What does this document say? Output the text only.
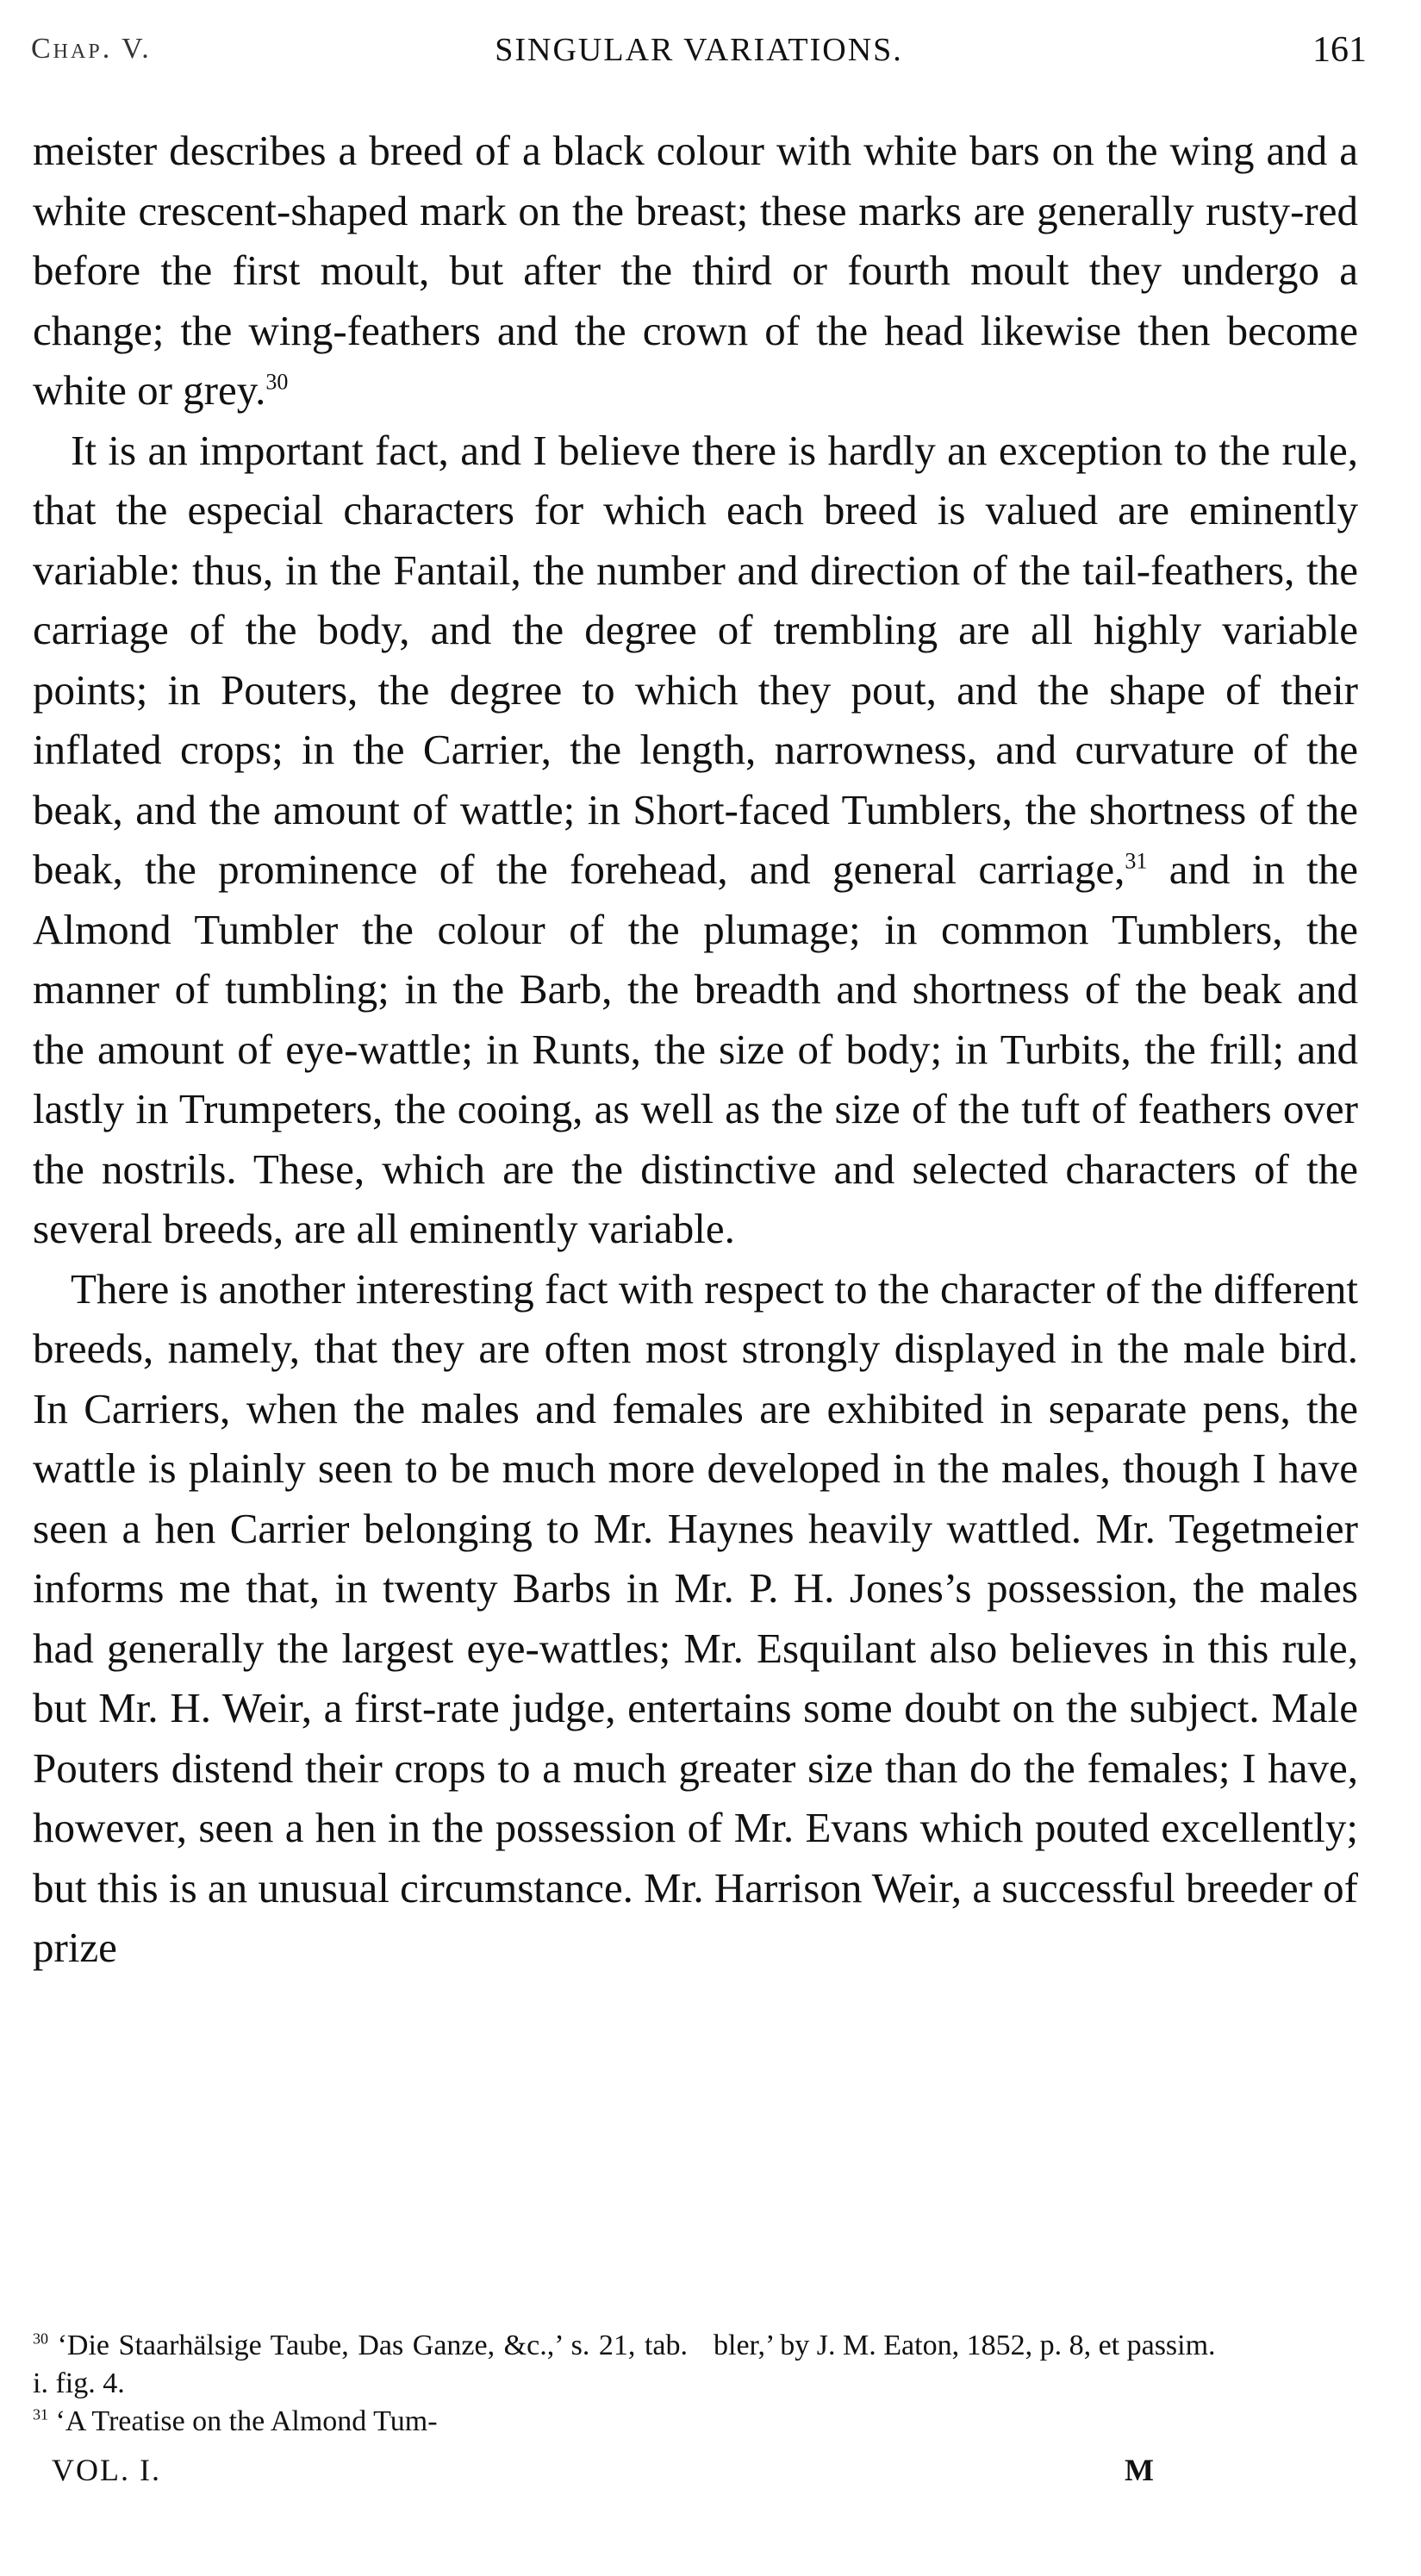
Chap. V.	SINGULAR VARIATIONS.	161

meister describes a breed of a black colour with white bars on the wing and a white crescent-shaped mark on the breast; these marks are generally rusty-red before the first moult, but after the third or fourth moult they undergo a change; the wing-feathers and the crown of the head likewise then become white or grey.$^{30}$

It is an important fact, and I believe there is hardly an exception to the rule, that the especial characters for which each breed is valued are eminently variable: thus, in the Fantail, the number and direction of the tail-feathers, the carriage of the body, and the degree of trembling are all highly variable points; in Pouters, the degree to which they pout, and the shape of their inflated crops; in the Carrier, the length, narrowness, and curvature of the beak, and the amount of wattle; in Short-faced Tumblers, the shortness of the beak, the prominence of the forehead, and general carriage,$^{31}$ and in the Almond Tumbler the colour of the plumage; in common Tumblers, the manner of tumbling; in the Barb, the breadth and shortness of the beak and the amount of eye-wattle; in Runts, the size of body; in Turbits, the frill; and lastly in Trumpeters, the cooing, as well as the size of the tuft of feathers over the nostrils. These, which are the distinctive and selected characters of the several breeds, are all eminently variable.

There is another interesting fact with respect to the character of the different breeds, namely, that they are often most strongly displayed in the male bird. In Carriers, when the males and females are exhibited in separate pens, the wattle is plainly seen to be much more developed in the males, though I have seen a hen Carrier belonging to Mr. Haynes heavily wattled. Mr. Tegetmeier informs me that, in twenty Barbs in Mr. P. H. Jones’s possession, the males had generally the largest eye-wattles; Mr. Esquilant also believes in this rule, but Mr. H. Weir, a first-rate judge, entertains some doubt on the subject. Male Pouters distend their crops to a much greater size than do the females; I have, however, seen a hen in the possession of Mr. Evans which pouted excellently; but this is an unusual circumstance. Mr. Harrison Weir, a successful breeder of prize

$^{30}$ ‘Die Staarhälsige Taube, Das Ganze, &c.,’ s. 21, tab. i. fig. 4.

$^{31}$ ‘A Treatise on the Almond Tum-

bler,’ by J. M. Eaton, 1852, p. 8, et passim.

VOL. I.	M
